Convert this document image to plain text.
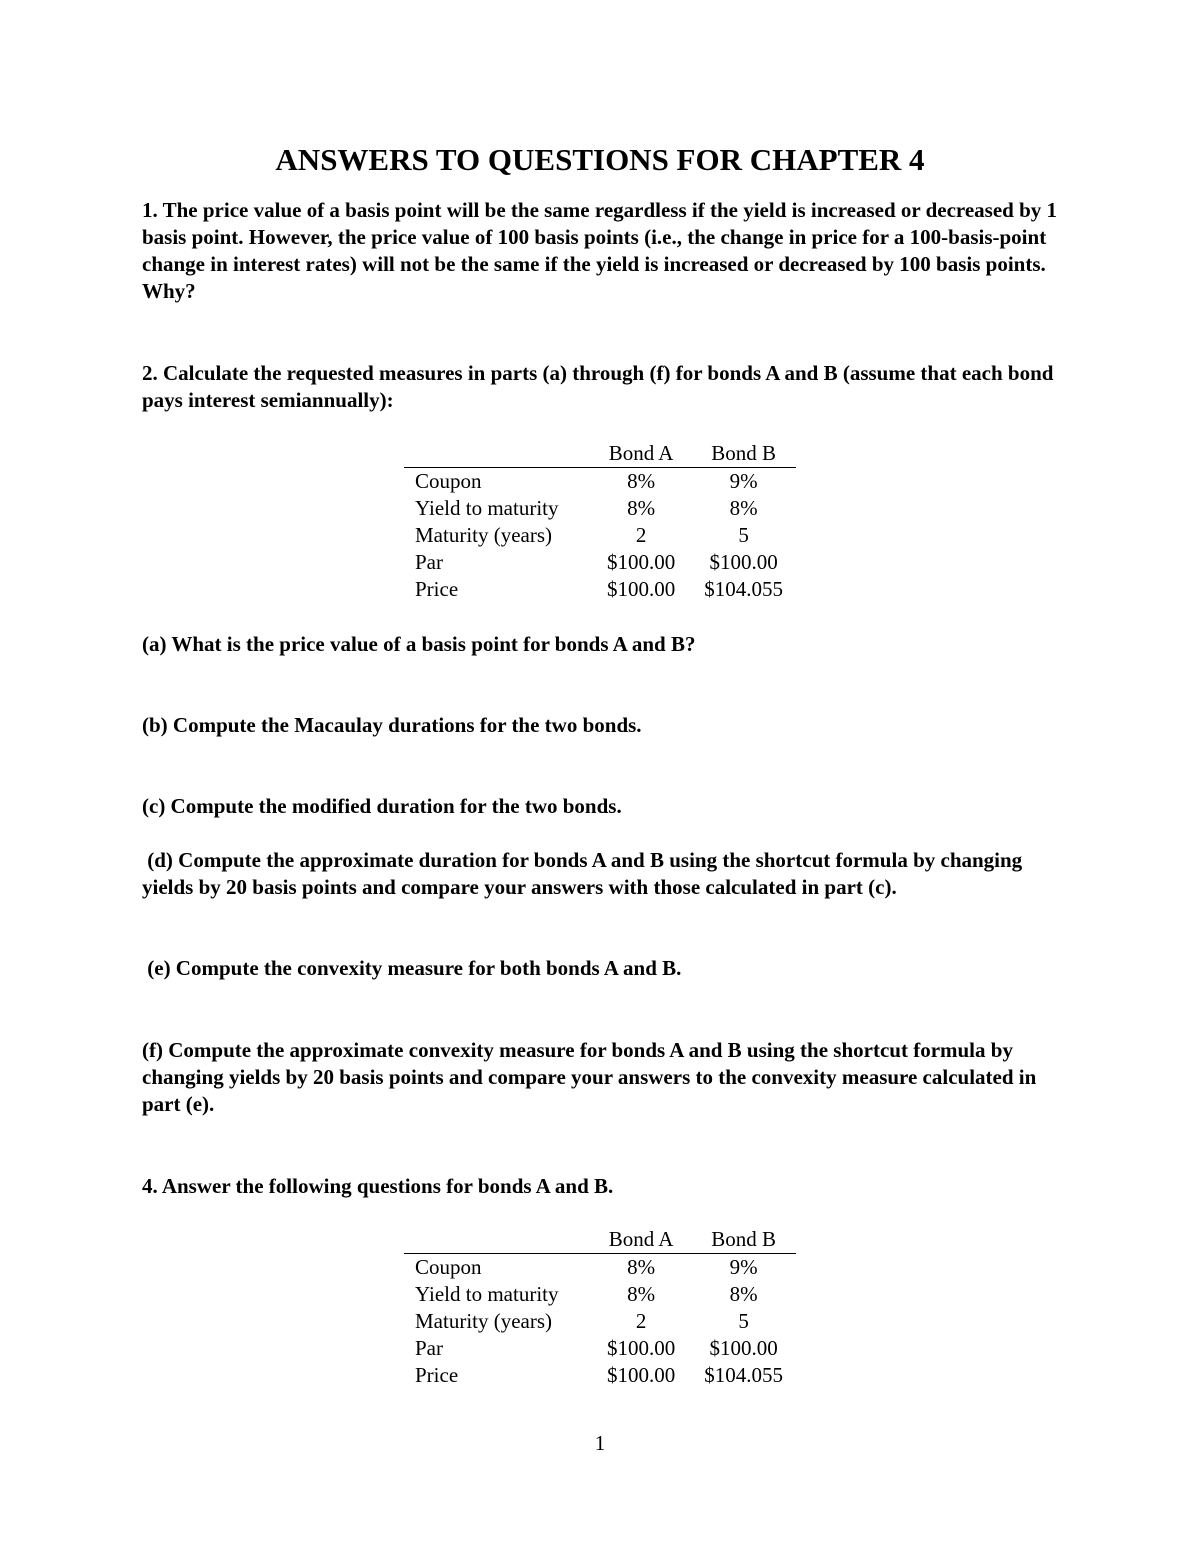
ANSWERS TO QUESTIONS FOR CHAPTER 4
1. The price value of a basis point will be the same regardless if the yield is increased or decreased by 1 basis point. However, the price value of 100 basis points (i.e., the change in price for a 100-basis-point change in interest rates) will not be the same if the yield is increased or decreased by 100 basis points. Why?
2. Calculate the requested measures in parts (a) through (f) for bonds A and B (assume that each bond pays interest semiannually):
	Bond A	Bond B
Coupon	8%	9%
Yield to maturity	8%	8%
Maturity (years)	2	5
Par	$100.00	$100.00
Price	$100.00	$104.055
(a) What is the price value of a basis point for bonds A and B?
(b) Compute the Macaulay durations for the two bonds.
(c) Compute the modified duration for the two bonds.
(d) Compute the approximate duration for bonds A and B using the shortcut formula by changing yields by 20 basis points and compare your answers with those calculated in part (c).
(e) Compute the convexity measure for both bonds A and B.
(f) Compute the approximate convexity measure for bonds A and B using the shortcut formula by changing yields by 20 basis points and compare your answers to the convexity measure calculated in part (e).
4. Answer the following questions for bonds A and B.
	Bond A	Bond B
Coupon	8%	9%
Yield to maturity	8%	8%
Maturity (years)	2	5
Par	$100.00	$100.00
Price	$100.00	$104.055
1
